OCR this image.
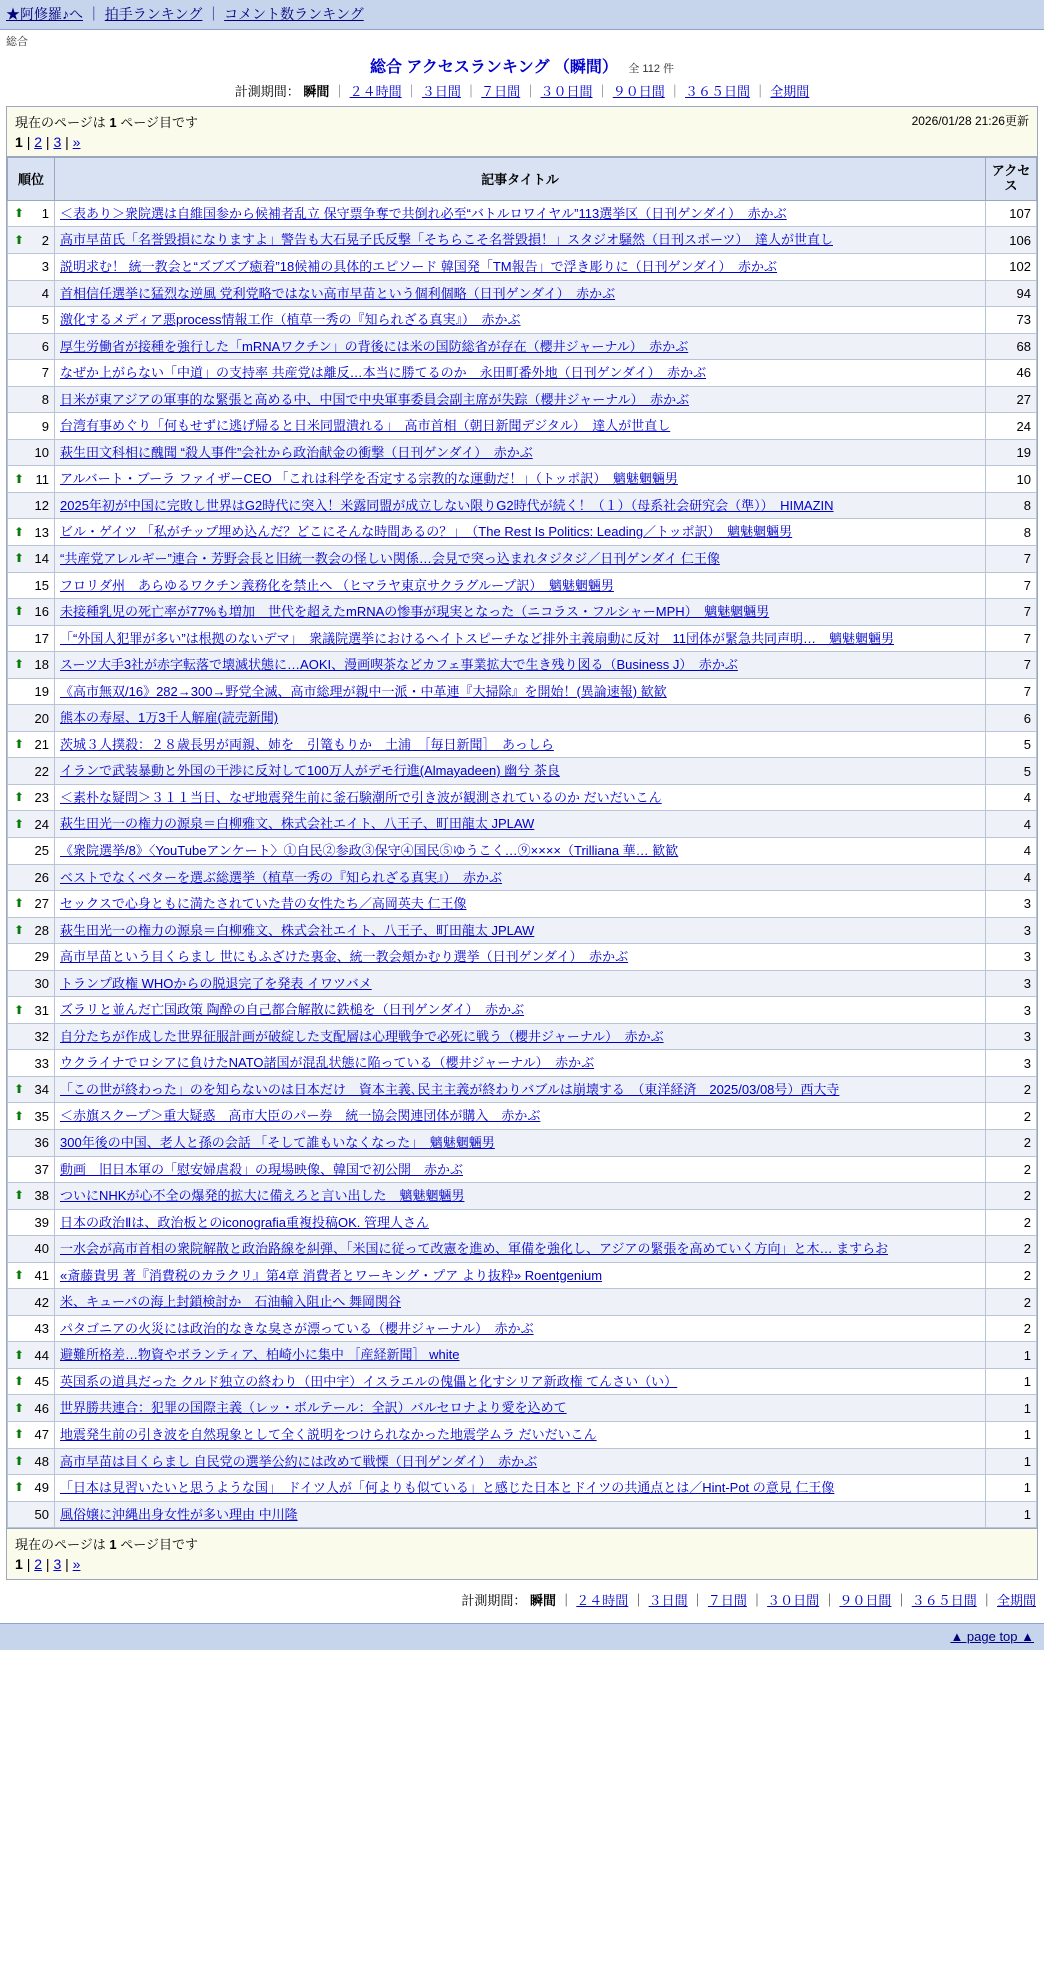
★阿修羅♪へ ｜ 拍手ランキング ｜ コメント数ランキング
総合
総合 アクセスランキング （瞬間） 全 112 件
計測期間： 瞬間 ｜ ２４時間 ｜ ３日間 ｜ ７日間 ｜ ３０日間 ｜ ９０日間 ｜ ３６５日間 ｜ 全期間
2026/01/28 21:26更新
現在のページは 1 ページ目です
1 | 2 | 3 | »
順位	記事タイトル	アクセス

⬆ 1	＜表あり＞衆院選は自維国参から候補者乱立 保守票争奪で共倒れ必至“バトルロワイヤル”113選挙区（日刊ゲンダイ）　赤かぶ	107

⬆ 2	高市早苗氏「名誉毀損になりますよ」警告も大石晃子氏反撃「そちらこそ名誉毀損！」スタジオ騒然（日刊スポーツ）　達人が世直し	106
3	説明求む！ 統一教会と“ズブズブ癒着”18候補の具体的エピソード 韓国発「TM報告」で浮き彫りに（日刊ゲンダイ）　赤かぶ	102
4	首相信任選挙に猛烈な逆風 党利党略ではない高市早苗という個利個略（日刊ゲンダイ）　赤かぶ	94
5	激化するメディア悪process情報工作（植草一秀の『知られざる真実』）　赤かぶ	73
6	厚生労働省が接種を強行した「mRNAワクチン」の背後には米の国防総省が存在（櫻井ジャーナル）　赤かぶ	68
7	なぜか上がらない「中道」の支持率 共産党は離反…本当に勝てるのか　永田町番外地（日刊ゲンダイ）　赤かぶ	46
8	日米が東アジアの軍事的な緊張と高める中、中国で中央軍事委員会副主席が失踪（櫻井ジャーナル）　赤かぶ	27
9	台湾有事めぐり「何もせずに逃げ帰ると日米同盟潰れる」　高市首相（朝日新聞デジタル）　達人が世直し	24
10	萩生田文科相に醜聞 “殺人事件”会社から政治献金の衝撃（日刊ゲンダイ）　赤かぶ	19

⬆ 11	アルバート・ブーラ ファイザーCEO 「これは科学を否定する宗教的な運動だ！」（トッポ訳）　魑魅魍魎男	10
12	2025年初が中国に完敗し世界はG2時代に突入！米露同盟が成立しない限りG2時代が続く！（１）（母系社会研究会（準））　HIMAZIN	8

⬆ 13	ビル・ゲイツ 「私がチップ埋め込んだ？どこにそんな時間あるの？」　（The Rest Is Politics: Leading／トッポ訳）　魑魅魍魎男	8

⬆ 14	“共産党アレルギー”連合・芳野会長と旧統一教会の怪しい関係…会見で突っ込まれタジタジ／日刊ゲンダイ 仁王像	7
15	フロリダ州　あらゆるワクチン義務化を禁止へ （ヒマラヤ東京サクラグループ訳）　魑魅魍魎男	7

⬆ 16	未接種乳児の死亡率が77%も増加　世代を超えたmRNAの惨事が現実となった（ニコラス・フルシャーMPH）　魑魅魍魎男	7
17	「“外国人犯罪が多い”は根拠のないデマ」　衆議院選挙におけるヘイトスピーチなど排外主義扇動に反対　11団体が緊急共同声明…　魑魅魍魎男	7

⬆ 18	スーツ大手3社が赤字転落で壊滅状態に…AOKI、漫画喫茶などカフェ事業拡大で生き残り図る（Business J）　赤かぶ	7
19	《高市無双/16》282→300→野党全滅、高市総理が親中一派・中革連『大掃除』を開始！(異論速報) 歓歓	7
20	熊本の寿屋、1万3千人解雇(読売新聞)	6

⬆ 21	茨城３人撲殺：２８歳長男が両親、姉を　引篭もりか　土浦　［毎日新聞］　あっしら	5
22	イランで武装暴動と外国の干渉に反対して100万人がデモ行進(Almayadeen) 幽兮 茶良	5

⬆ 23	＜素朴な疑問＞３１１当日、なぜ地震発生前に釜石験潮所で引き波が観測されているのか だいだいこん	4

⬆ 24	萩生田光一の権力の源泉＝白柳雅文、株式会社エイト、八王子、町田龍太 JPLAW	4
25	《衆院選挙/8》〈YouTubeアンケート〉①自民②参政③保守④国民⑤ゆうこく…⑨××××（Trilliana 華… 歓歓	4
26	ベストでなくベターを選ぶ総選挙（植草一秀の『知られざる真実』）　赤かぶ	4

⬆ 27	セックスで心身ともに満たされていた昔の女性たち／高岡英夫 仁王像	3

⬆ 28	萩生田光一の権力の源泉＝白柳雅文、株式会社エイト、八王子、町田龍太 JPLAW	3
29	高市早苗という目くらまし 世にもふざけた裏金、統一教会頬かむり選挙（日刊ゲンダイ）　赤かぶ	3
30	トランプ政権 WHOからの脱退完了を発表 イワツバメ	3

⬆ 31	ズラリと並んだ亡国政策 陶酔の自己都合解散に鉄槌を（日刊ゲンダイ）　赤かぶ	3
32	自分たちが作成した世界征服計画が破綻した支配層は心理戦争で必死に戦う（櫻井ジャーナル）　赤かぶ	3
33	ウクライナでロシアに負けたNATO諸国が混乱状態に陥っている（櫻井ジャーナル）　赤かぶ	3

⬆ 34	「この世が終わった」のを知らないのは日本だけ　資本主義､民主主義が終わりバブルは崩壊する　（東洋経済　2025/03/08号）西大寺	2

⬆ 35	＜赤旗スクープ＞重大疑惑　高市大臣のパー券　統一協会関連団体が購入　赤かぶ	2
36	300年後の中国、老人と孫の会話 「そして誰もいなくなった」　魑魅魍魎男	2
37	動画　旧日本軍の「慰安婦虐殺」の現場映像、韓国で初公開　赤かぶ	2

⬆ 38	ついにNHKが心不全の爆発的拡大に備えろと言い出した　魑魅魍魎男	2
39	日本の政治Ⅱは、政治板とのiconografia重複投稿OK. 管理人さん	2
40	一水会が高市首相の衆院解散と政治路線を糾弾、「米国に従って改憲を進め、軍備を強化し、アジアの緊張を高めていく方向」と木… ますらお	2

⬆ 41	«斎藤貴男 著『消費税のカラクリ』第4章 消費者とワーキング・プア より抜粋» Roentgenium	2
42	米、キューバの海上封鎖検討か　石油輸入阻止へ 舞岡関谷	2
43	パタゴニアの火災には政治的なきな臭さが漂っている（櫻井ジャーナル）　赤かぶ	2

⬆ 44	避難所格差…物資やボランティア、柏崎小に集中 ［産経新聞］ white	1

⬆ 45	英国系の道具だった クルド独立の終わり（田中宇）イスラエルの傀儡と化すシリア新政権 てんさい（い）	1

⬆ 46	世界勝共連合：犯罪の国際主義（レッ・ボルテール：全訳）バルセロナより愛を込めて	1

⬆ 47	地震発生前の引き波を自然現象として全く説明をつけられなかった地震学ムラ だいだいこん	1

⬆ 48	高市早苗は目くらまし 自民党の選挙公約には改めて戦慄（日刊ゲンダイ）　赤かぶ	1

⬆ 49	「日本は見習いたいと思うような国」　ドイツ人が「何よりも似ている」と感じた日本とドイツの共通点とは／Hint-Pot の意見 仁王像	1
50	風俗嬢に沖縄出身女性が多い理由 中川隆	1
現在のページは 1 ページ目です
1 | 2 | 3 | »
計測期間： 瞬間 ｜ ２４時間 ｜ ３日間 ｜ ７日間 ｜ ３０日間 ｜ ９０日間 ｜ ３６５日間 ｜ 全期間
▲ page top ▲
